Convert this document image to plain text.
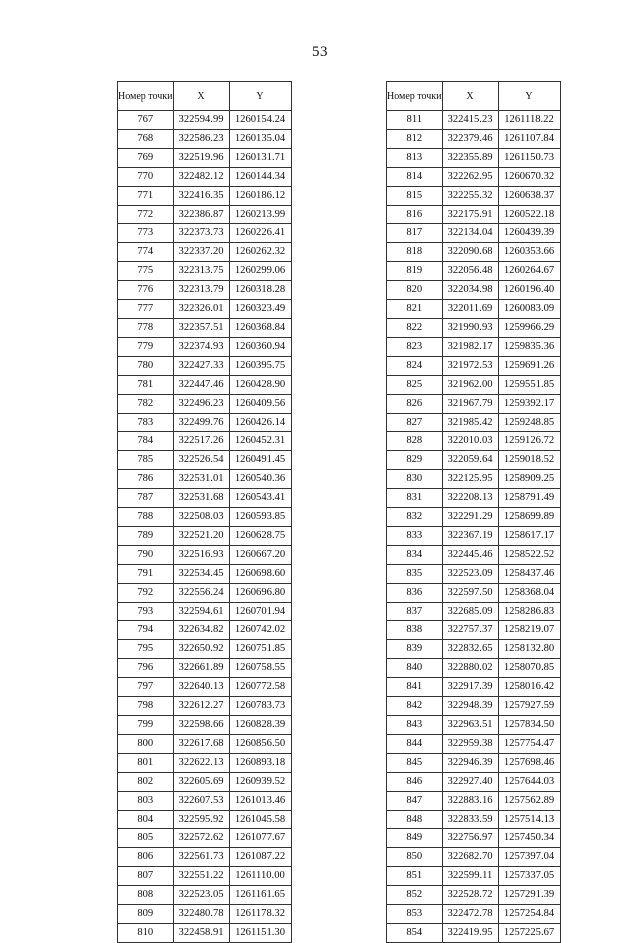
53
Номер точки	X	Y
767	322594.99	1260154.24
768	322586.23	1260135.04
769	322519.96	1260131.71
770	322482.12	1260144.34
771	322416.35	1260186.12
772	322386.87	1260213.99
773	322373.73	1260226.41
774	322337.20	1260262.32
775	322313.75	1260299.06
776	322313.79	1260318.28
777	322326.01	1260323.49
778	322357.51	1260368.84
779	322374.93	1260360.94
780	322427.33	1260395.75
781	322447.46	1260428.90
782	322496.23	1260409.56
783	322499.76	1260426.14
784	322517.26	1260452.31
785	322526.54	1260491.45
786	322531.01	1260540.36
787	322531.68	1260543.41
788	322508.03	1260593.85
789	322521.20	1260628.75
790	322516.93	1260667.20
791	322534.45	1260698.60
792	322556.24	1260696.80
793	322594.61	1260701.94
794	322634.82	1260742.02
795	322650.92	1260751.85
796	322661.89	1260758.55
797	322640.13	1260772.58
798	322612.27	1260783.73
799	322598.66	1260828.39
800	322617.68	1260856.50
801	322622.13	1260893.18
802	322605.69	1260939.52
803	322607.53	1261013.46
804	322595.92	1261045.58
805	322572.62	1261077.67
806	322561.73	1261087.22
807	322551.22	1261110.00
808	322523.05	1261161.65
809	322480.78	1261178.32
810	322458.91	1261151.30
Номер точки	X	Y
811	322415.23	1261118.22
812	322379.46	1261107.84
813	322355.89	1261150.73
814	322262.95	1260670.32
815	322255.32	1260638.37
816	322175.91	1260522.18
817	322134.04	1260439.39
818	322090.68	1260353.66
819	322056.48	1260264.67
820	322034.98	1260196.40
821	322011.69	1260083.09
822	321990.93	1259966.29
823	321982.17	1259835.36
824	321972.53	1259691.26
825	321962.00	1259551.85
826	321967.79	1259392.17
827	321985.42	1259248.85
828	322010.03	1259126.72
829	322059.64	1259018.52
830	322125.95	1258909.25
831	322208.13	1258791.49
832	322291.29	1258699.89
833	322367.19	1258617.17
834	322445.46	1258522.52
835	322523.09	1258437.46
836	322597.50	1258368.04
837	322685.09	1258286.83
838	322757.37	1258219.07
839	322832.65	1258132.80
840	322880.02	1258070.85
841	322917.39	1258016.42
842	322948.39	1257927.59
843	322963.51	1257834.50
844	322959.38	1257754.47
845	322946.39	1257698.46
846	322927.40	1257644.03
847	322883.16	1257562.89
848	322833.59	1257514.13
849	322756.97	1257450.34
850	322682.70	1257397.04
851	322599.11	1257337.05
852	322528.72	1257291.39
853	322472.78	1257254.84
854	322419.95	1257225.67
